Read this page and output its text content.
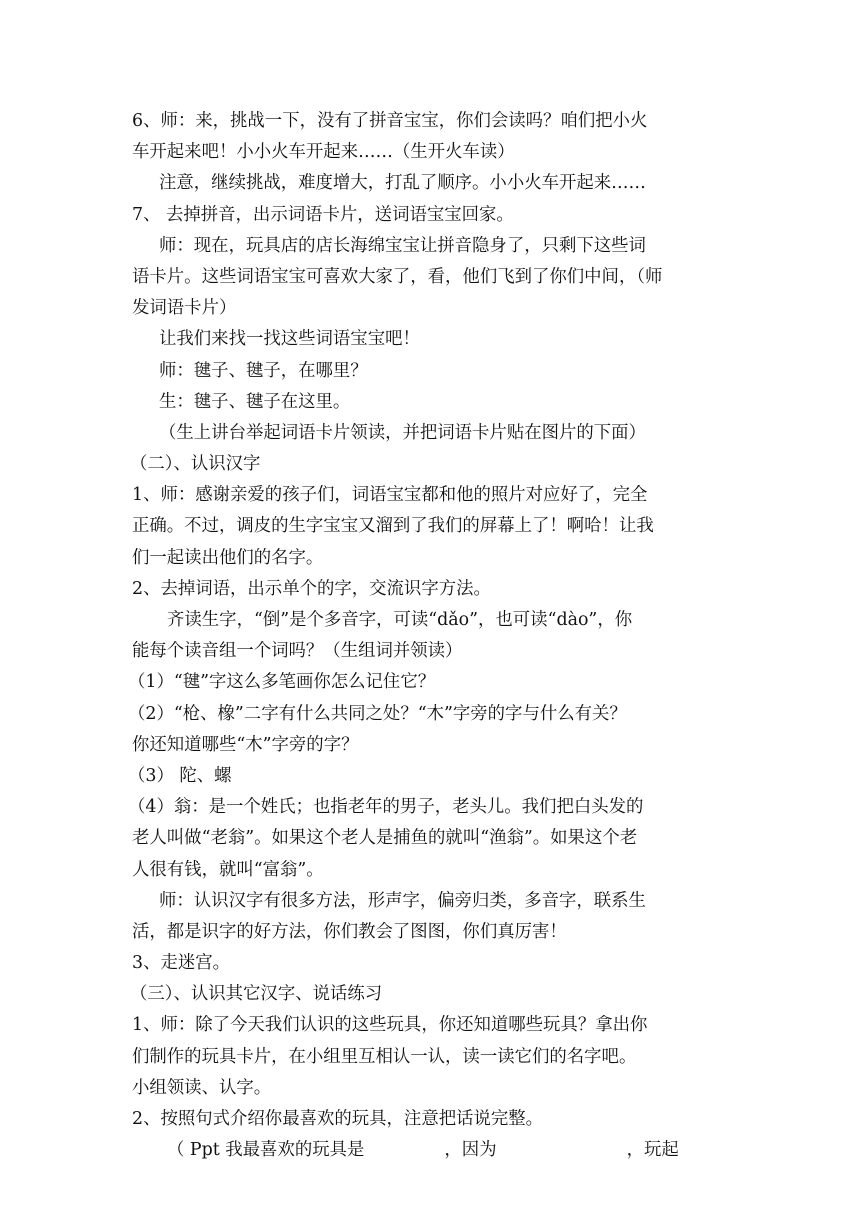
6、师：来，挑战一下，没有了拼音宝宝，你们会读吗？咱们把小火
车开起来吧！小小火车开起来……（生开火车读）
注意，继续挑战，难度增大，打乱了顺序。小小火车开起来……
7、 去掉拼音，出示词语卡片，送词语宝宝回家。
师：现在，玩具店的店长海绵宝宝让拼音隐身了，只剩下这些词
语卡片。这些词语宝宝可喜欢大家了，看，他们飞到了你们中间，（师
发词语卡片）
让我们来找一找这些词语宝宝吧！
师：毽子、毽子，在哪里？
生：毽子、毽子在这里。
（生上讲台举起词语卡片领读，并把词语卡片贴在图片的下面）
（二）、认识汉字
1、师：感谢亲爱的孩子们，词语宝宝都和他的照片对应好了，完全
正确。不过，调皮的生字宝宝又溜到了我们的屏幕上了！啊哈！让我
们一起读出他们的名字。
2、去掉词语，出示单个的字，交流识字方法。
齐读生字，“倒”是个多音字，可读“dǎo”，也可读“dào”，你
能每个读音组一个词吗？（生组词并领读）
（1）“毽”字这么多笔画你怎么记住它？
（2）“枪、橡”二字有什么共同之处？“木”字旁的字与什么有关？
你还知道哪些“木”字旁的字？
（3） 陀、螺
（4）翁：是一个姓氏；也指老年的男子，老头儿。我们把白头发的
老人叫做“老翁”。如果这个老人是捕鱼的就叫“渔翁”。如果这个老
人很有钱，就叫“富翁”。
师：认识汉字有很多方法，形声字，偏旁归类，多音字，联系生
活，都是识字的好方法，你们教会了图图，你们真厉害！
3、走迷宫。
（三）、认识其它汉字、说话练习
1、师：除了今天我们认识的这些玩具，你还知道哪些玩具？拿出你
们制作的玩具卡片，在小组里互相认一认，读一读它们的名字吧。
小组领读、认字。
2、按照句式介绍你最喜欢的玩具，注意把话说完整。
（ Ppt 我最喜欢的玩具是	，因为	，玩起
